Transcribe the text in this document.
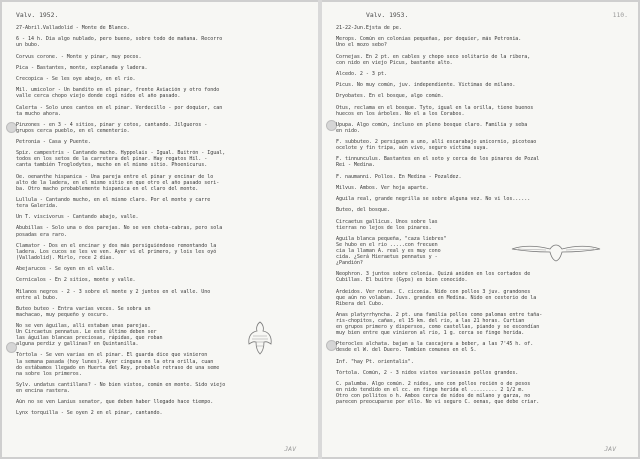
Valv. 1952.
27-Abril.Valladolid - Monte de Blanco.
6 - 14 h. Dia algo nublado, pero bueno, sobre todo de mañana. Recorro
un bubo.
Corvus corone. - Monte y pinar, muy pocos.
Pica - Bastantes, monte, explanada y ladera.
Crecopica - Se les oye abajo, en el rio.
Mil. umicolor - Un bandito en el pinar, frente Aviación y otro fondo
valle cerca chopo viejo donde cogí nidos el año pasado.
Calerta - Solo unos cantos en el pinar. Verdecillo - por doquier, can
ta mucho ahora.
Pinzones - en 3 - 4 sitios, pinar y cotos, cantando. Jilgueros -
grupos cerca pueblo, en el cementerio.
Petronia - Casa y Puente.
Spiz. campestris - Cantando mucho. Hyppolais - Igual. Buitrón - Igual,
todos en los setos de la carretera del pinar. Hay regatos Hil. -
canta también Troglodytes, mucho en el mismo sitio. Phoenicurus.
Oe. oenanthe hispanica - Una pareja entre el pinar y encinar de lo
alto de la ladera, en el mismo sitio en que otro el año pasado seri-
ba. Otro macho probablemente hispanica en el claro del monte.
Lullula - Cantando mucho, en el mismo claro. Por el monte y carre
tera Galerida.
Un T. viscivorus - Cantando abajo, valle.
Abubillas - Solo una o dos parejas. No se ven chota-cabras, pero sola
posadas era raro.
Clamator - Dos en el encinar y dos más persiguiéndose remontando la
ladera. Los cucos se les ve ven. Ayer vi el primero, y lois les oyó
(Valladolid). Mirlo, roce 2 días.
Abejarucos - Se oyen en el valle.
Cernícalos - En 2 sitios, monte y valle.
Milanos negros - 2 - 3 sobre el monte y 2 juntos en el valle. Uno
entre al bubo.
Buteo buteo - Entra varias veces. Se sobra un
machacao, muy pequeño y oscuro.
No se ven águilas, allí estaban unas parejas.
Un Circaetus pennatus. Le este último deben ser
las águilas blancas preciosas, rápidas, que roban
alguna perdiz y gallinas? en Quintanilla.
Tórtola - Se ven varias en el pinar. El guarda dice que vinieron
la semana pasada (hoy lunes). Ayer cinguna en la otra orilla, cuan
do estábamos llegado en Huerta del Rey, probable retraso de una seme
na sobre los primeros.
Sylv. undatus cantillans? - No bien vistos, común en monte. Sido viejo
en encina rastera.
Aún no se ven Lanius senator, que deben haber llegado hace tiempo.
Lynx torquilla - Se oyen 2 en el pinar, cantando.
JAV
Valv. 1953.	110.
21-22-Jun.Ejsta de pe.
Merops. Común en colonias pequeñas, por doquier, más Petronia.
Uno el mozo sebo?
Cornejas. En 2 pt. en cables y chopo seco solitario de la ribera,
con nido en viejo Picus, bastante alto.
Alcedo. 2 - 3 pt.
Picus. No muy común, juv. independiente. Victimas de milano.
Dryobates. En el bosque, algo común.
Otus, reclama en el bosque. Tyto, igual en la orilla, tiene buenos
huecos en los árboles. No el a los Corabos.
Upupa. Algo común, incluso en pleno bosque claro. Familia y seba
en nido.
F. subbuteo. 2 persiguen a uno, allí escarabajo unicornio, picoteao
ocelote y fin tripa, aún vivo, seguro víctima suya.
F. tinnunculus. Bastantes en el soto y cerca de los pinares de Pozal
Rei - Medina.
F. naumanni. Pollos. En Medina - Pozaldez.
Milvus. Ambos. Ver hoja aparte.
Aguila real, grande negrilla se sobre alguna vez. No vi los......
Buteo, del bosque.
Circaetus gallicus. Unos sobre las
tierras no lejos de los pinares.
Aguila blanca pequeña, "caza liebres"
Se hubo en el rio .....con frecuen
cia la llaman A. real y es muy cono
cida. ¿Será Hieraetus pennatus y -
¿Pandión?
Neophron. 3 juntos sobre colonia. Quizá aniden en los cortados de
Cubillas. El buitre (Gyps) es bien conocido.
Ardeidos. Ver notas. C. ciconia. Nido con pollos 3 juv. grandones
que aún no volaban. Juvs. grandes en Medina. Nido en cesterio de la
Ribera del Cubo.
Anas platyrrhyncha. 2 pt. una familia pollos como palomas entre taña-
ris-chopitos, cañas, el 15 km. del rio, a las 21 horas. Curtian
en grupos primero y dispersos, como castellas, piando y se escondían
muy bien entre que vinieron al rio, 1 g. cerca se finge herida.
Pterocles alchata. bajan a la cascajera a beber, a las 7'45 h. of.
desde el W. del Duero. Tambien comunes en el S.
Inf. "hay Pt. orientalis".
Tórtola. Común, 2 - 3 nidos vistos variosasin pollos grandes.
C. palumba. Algo común. 2 nidos, uno con pollos recién o de pesos
en nido tendido en el cc. en finge herida el ......... 2 1/2 m.
Otro con pollitos o h. Ambos cerca de nidos de milano y garza, no
parecen preocuparse por ello. No vi seguro C. oenas, que debe criar.
JAV
